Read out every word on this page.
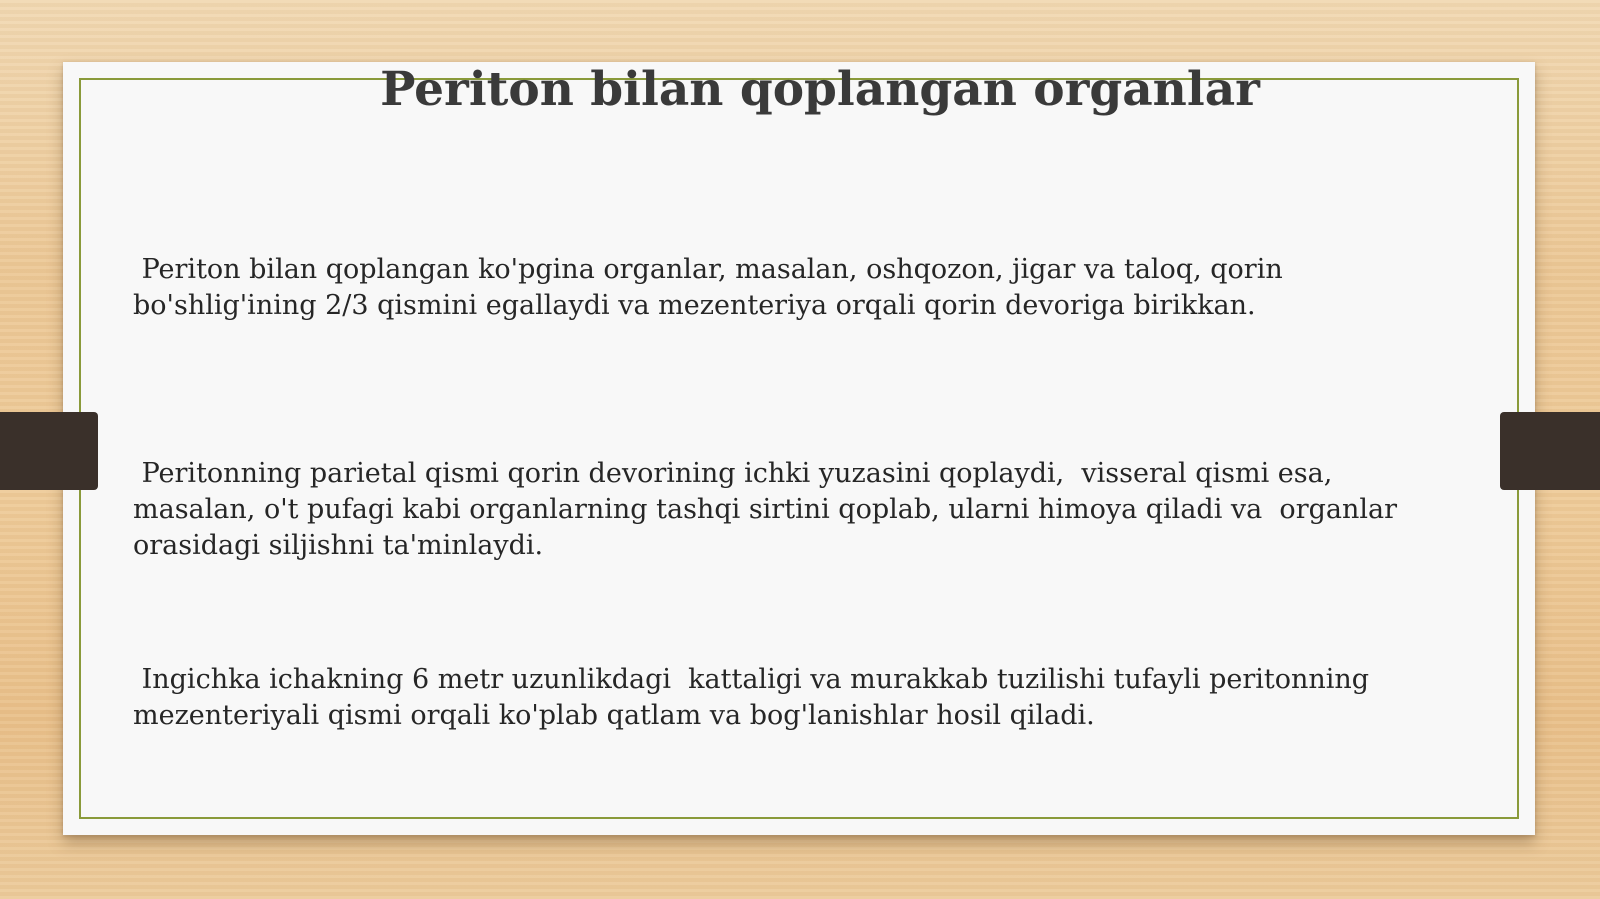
Periton bilan qoplangan organlar

Periton bilan qoplangan ko'pgina organlar, masalan, oshqozon, jigar va taloq, qorin
bo'shlig'ining 2/3 qismini egallaydi va mezenteriya orqali qorin devoriga birikkan.

Peritonning parietal qismi qorin devorining ichki yuzasini qoplaydi,  visseral qismi esa,
masalan, o't pufagi kabi organlarning tashqi sirtini qoplab, ularni himoya qiladi va  organlar
orasidagi siljishni ta'minlaydi.

Ingichka ichakning 6 metr uzunlikdagi  kattaligi va murakkab tuzilishi tufayli peritonning
mezenteriyali qismi orqali ko'plab qatlam va bog'lanishlar hosil qiladi.
